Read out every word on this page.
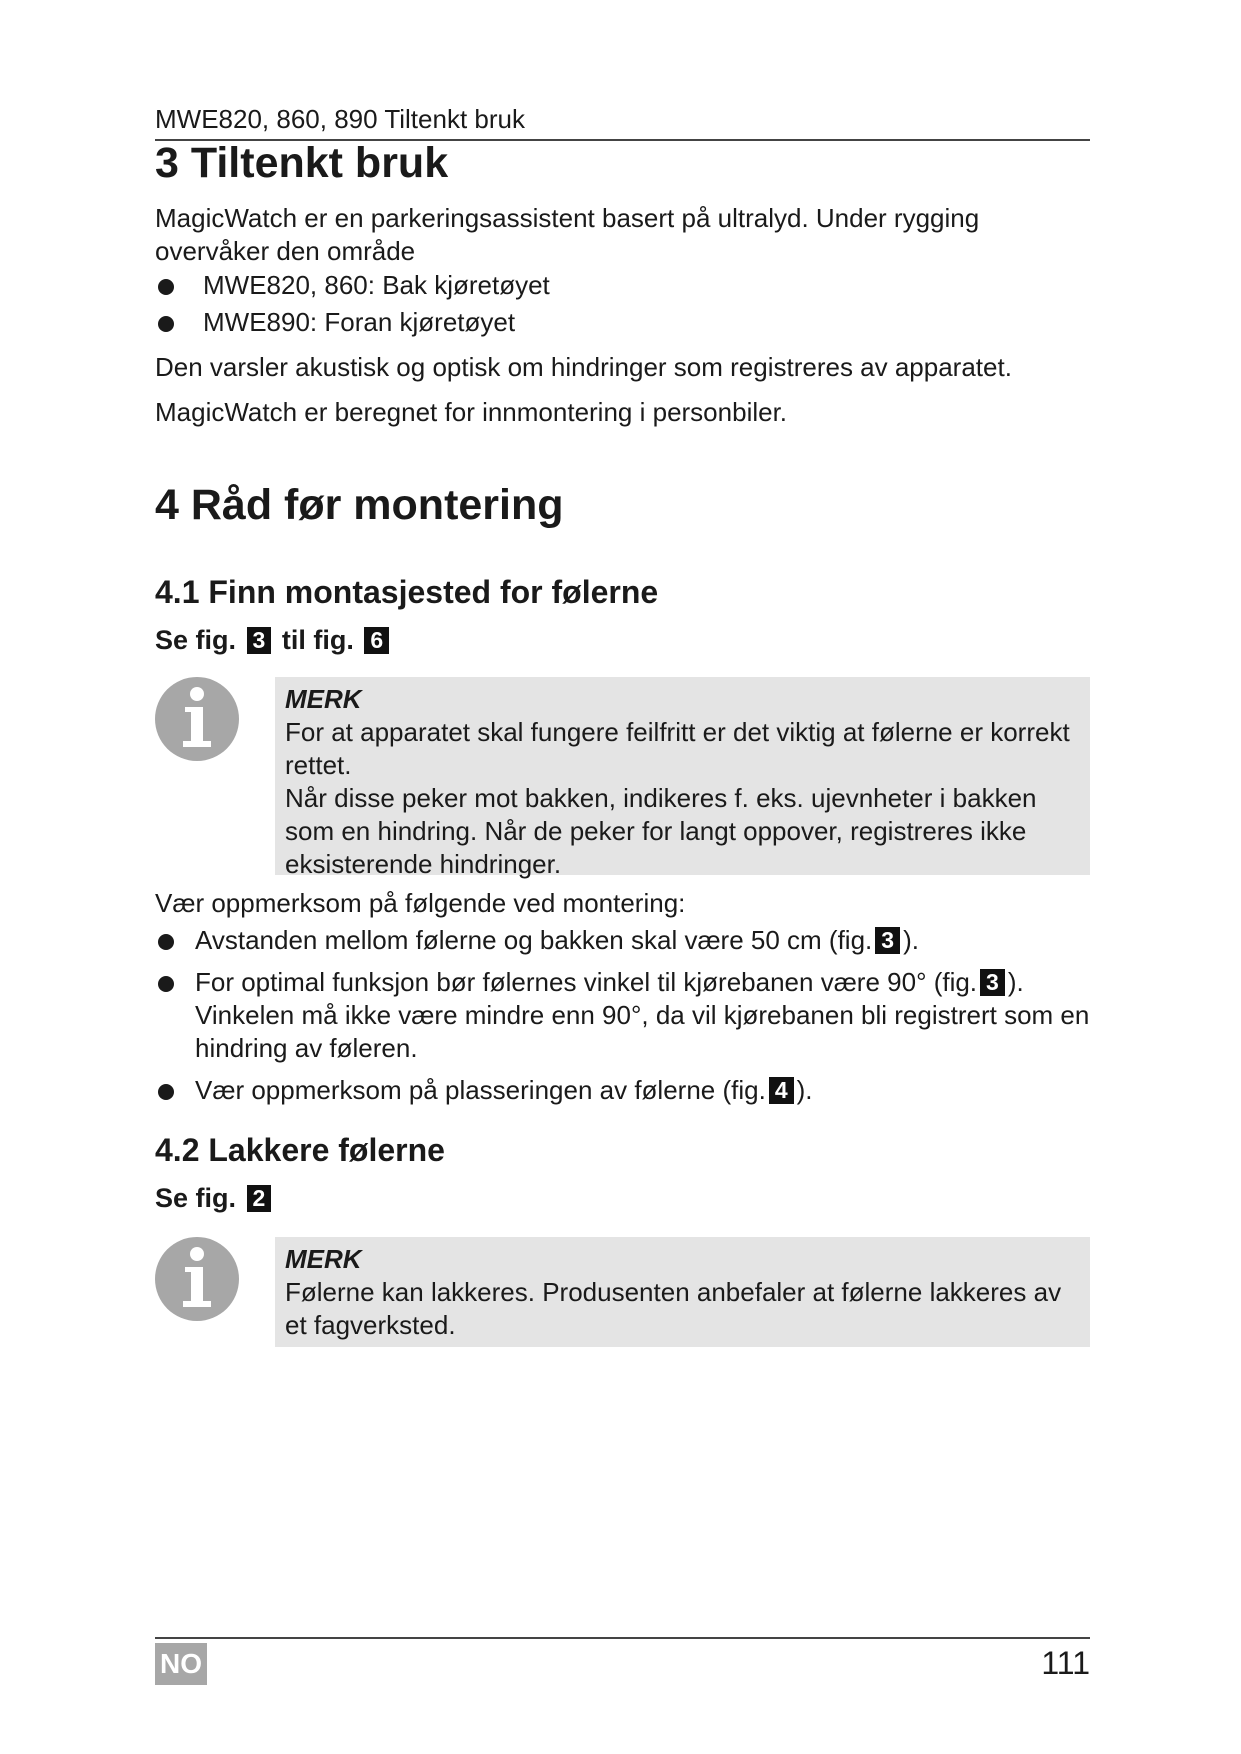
MWE820, 860, 890 Tiltenkt bruk
3 Tiltenkt bruk

MagicWatch er en parkeringsassistent basert på ultralyd. Under rygging overvåker den område

MWE820, 860: Bak kjøretøyet
MWE890: Foran kjøretøyet

Den varsler akustisk og optisk om hindringer som registreres av apparatet.

MagicWatch er beregnet for innmontering i personbiler.

4 Råd før montering
4.1 Finn montasjested for følerne
Se fig. 3 til fig. 6
MERK
For at apparatet skal fungere feilfritt er det viktig at følerne er korrekt rettet.
Når disse peker mot bakken, indikeres f. eks. ujevnheter i bakken som en hindring. Når de peker for langt oppover, registreres ikke eksisterende hindringer.

Vær oppmerksom på følgende ved montering:

Avstanden mellom følerne og bakken skal være 50 cm (fig. 3 ).
For optimal funksjon bør følernes vinkel til kjørebanen være 90° (fig. 3 ). Vinkelen må ikke være mindre enn 90°, da vil kjørebanen bli registrert som en hindring av føleren.
Vær oppmerksom på plasseringen av følerne (fig. 4 ).
4.2 Lakkere følerne
Se fig. 2
MERK
Følerne kan lakkeres. Produsenten anbefaler at følerne lakkeres av et fagverksted.
NO	111
